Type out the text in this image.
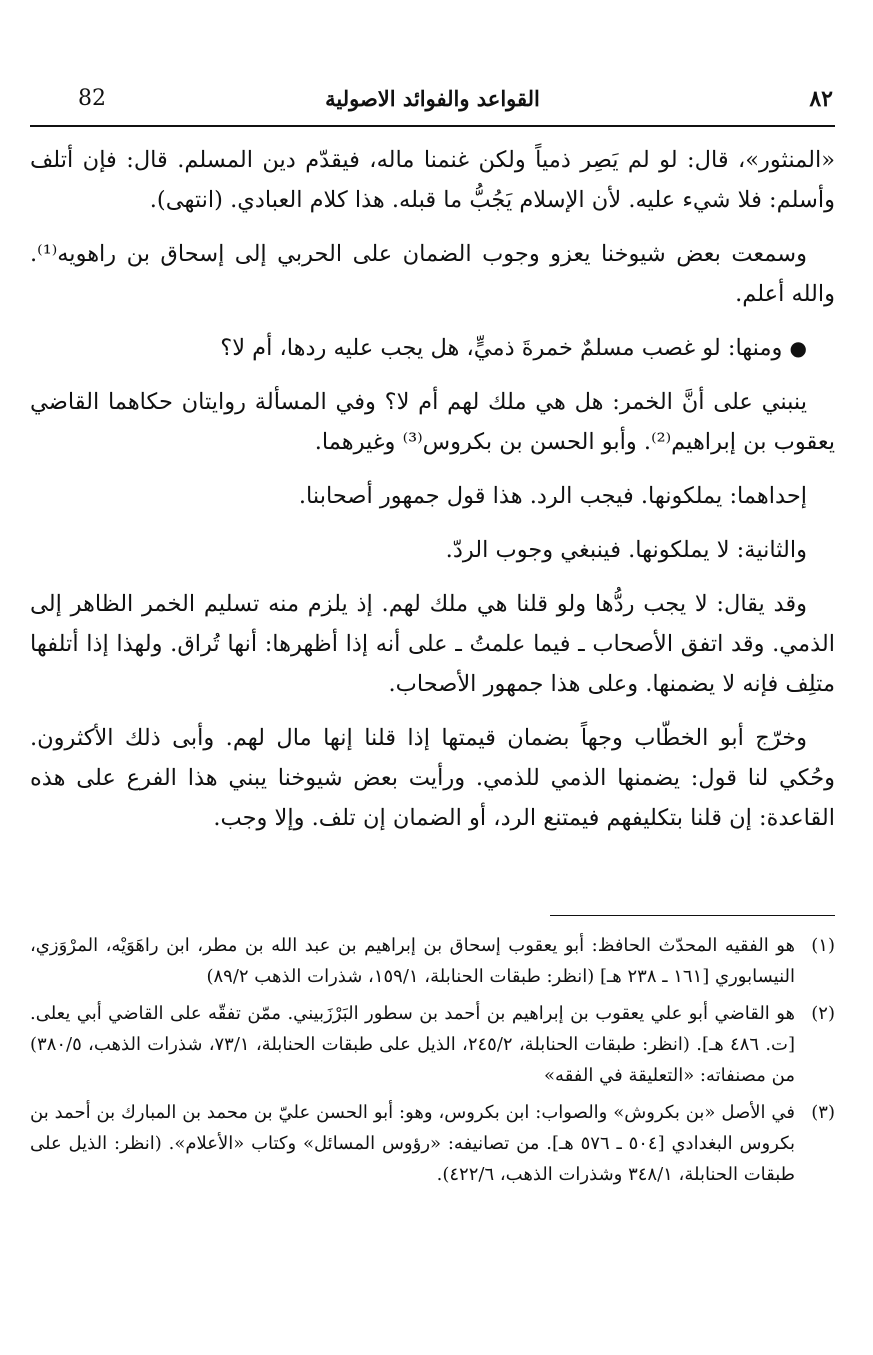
82	القواعد والفوائد الاصولية	٨٢

«المنثور»، قال: لو لم يَصِر ذمياً ولكن غنمنا ماله، فيقدّم دين المسلم. قال: فإن أتلف وأسلم: فلا شيء عليه. لأن الإسلام يَجُبُّ ما قبله. هذا كلام العبادي. (انتهى).

وسمعت بعض شيوخنا يعزو وجوب الضمان على الحربي إلى إسحاق بن راهويه⁽¹⁾. والله أعلم.

● ومنها: لو غصب مسلمٌ خمرةَ ذميٍّ، هل يجب عليه ردها، أم لا؟

ينبني على أنَّ الخمر: هل هي ملك لهم أم لا؟ وفي المسألة روايتان حكاهما القاضي يعقوب بن إبراهيم⁽²⁾. وأبو الحسن بن بكروس⁽³⁾ وغيرهما.

إحداهما: يملكونها. فيجب الرد. هذا قول جمهور أصحابنا.

والثانية: لا يملكونها. فينبغي وجوب الردّ.

وقد يقال: لا يجب ردُّها ولو قلنا هي ملك لهم. إذ يلزم منه تسليم الخمر الظاهر إلى الذمي. وقد اتفق الأصحاب ـ فيما علمتُ ـ على أنه إذا أظهرها: أنها تُراق. ولهذا إذا أتلفها متلِف فإنه لا يضمنها. وعلى هذا جمهور الأصحاب.

وخرّج أبو الخطّاب وجهاً بضمان قيمتها إذا قلنا إنها مال لهم. وأبى ذلك الأكثرون. وحُكي لنا قول: يضمنها الذمي للذمي. ورأيت بعض شيوخنا يبني هذا الفرع على هذه القاعدة: إن قلنا بتكليفهم فيمتنع الرد، أو الضمان إن تلف. وإلا وجب.

(١)
هو الفقيه المحدّث الحافظ: أبو يعقوب إسحاق بن إبراهيم بن عبد الله بن مطر، ابن راهَوَيْه، المرْوَزي، النيسابوري [١٦١ ـ ٢٣٨ هـ] (انظر: طبقات الحنابلة، ١٥٩/١، شذرات الذهب ٨٩/٢)
(٢)
هو القاضي أبو علي يعقوب بن إبراهيم بن أحمد بن سطور البَرْزَبيني. ممّن تفقّه على القاضي أبي يعلى. [ت. ٤٨٦ هـ]. (انظر: طبقات الحنابلة، ٢٤٥/٢، الذيل على طبقات الحنابلة، ٧٣/١، شذرات الذهب، ٣٨٠/٥) من مصنفاته: «التعليقة في الفقه»
(٣)
في الأصل «بن بكروش» والصواب: ابن بكروس، وهو: أبو الحسن عليّ بن محمد بن المبارك بن أحمد بن بكروس البغدادي [٥٠٤ ـ ٥٧٦ هـ]. من تصانيفه: «رؤوس المسائل» وكتاب «الأعلام». (انظر: الذيل على طبقات الحنابلة، ٣٤٨/١ وشذرات الذهب، ٤٢٢/٦).
